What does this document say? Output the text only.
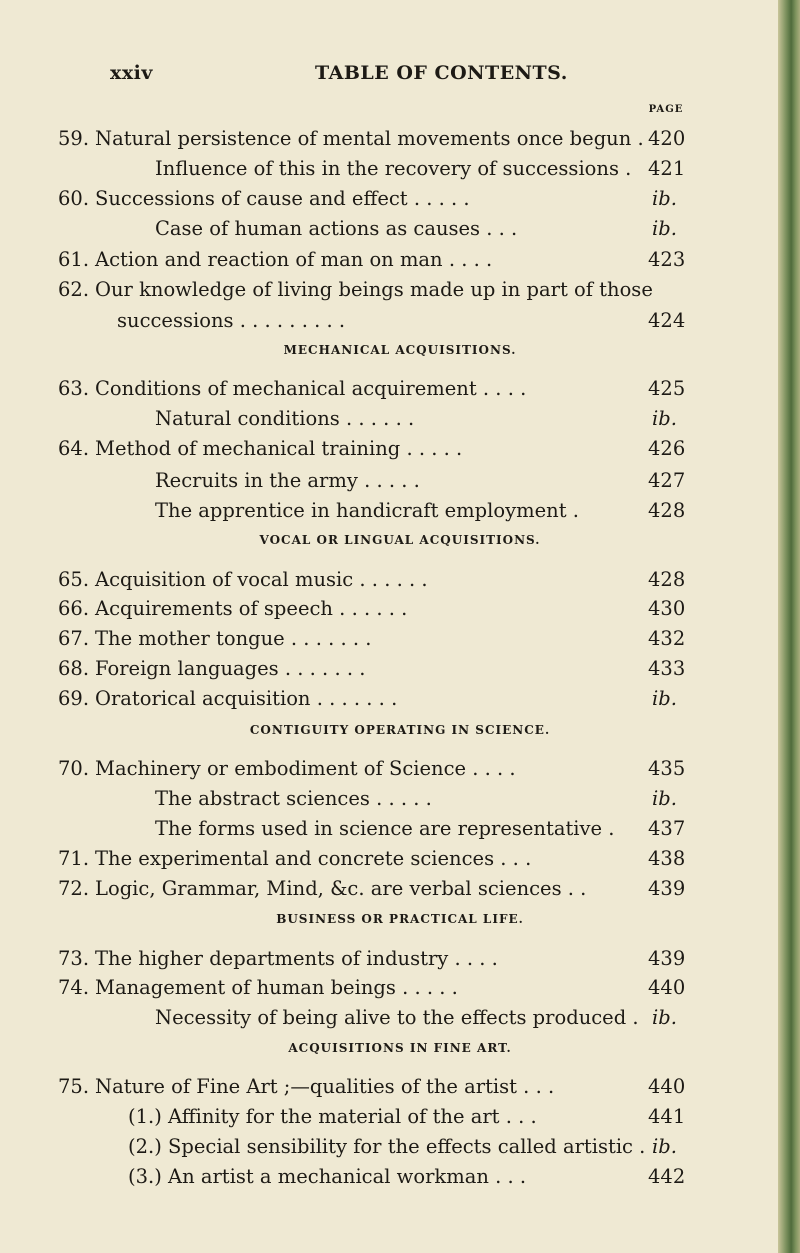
xxiv	TABLE OF CONTENTS.
PAGE
59. Natural persistence of mental movements once begun . 420
Influence of this in the recovery of successions . 421
60. Successions of cause and effect . . . . .	ib.
Case of human actions as causes . . .	ib.
61. Action and reaction of man on man . . . .	423
62. Our knowledge of living beings made up in part of those
successions . . . . . . . . .	424
MECHANICAL ACQUISITIONS.
63. Conditions of mechanical acquirement . . . .	425
Natural conditions . . . . . .	ib.
64. Method of mechanical training . . . . .	426
Recruits in the army . . . . .	427
The apprentice in handicraft employment .	428
VOCAL OR LINGUAL ACQUISITIONS.
65. Acquisition of vocal music . . . . . .	428
66. Acquirements of speech . . . . . .	430
67. The mother tongue . . . . . . .	432
68. Foreign languages . . . . . . .	433
69. Oratorical acquisition . . . . . . .	ib.
CONTIGUITY OPERATING IN SCIENCE.
70. Machinery or embodiment of Science . . . .	435
The abstract sciences . . . . .	ib.
The forms used in science are representative . 437
71. The experimental and concrete sciences . . .	438
72. Logic, Grammar, Mind, &c. are verbal sciences . .	439
BUSINESS OR PRACTICAL LIFE.
73. The higher departments of industry . . . .	439
74. Management of human beings . . . . .	440
Necessity of being alive to the effects produced . ib.
ACQUISITIONS IN FINE ART.
75. Nature of Fine Art ;—qualities of the artist . . .	440
(1.) Affinity for the material of the art . . .	441
(2.) Special sensibility for the effects called artistic . ib.
(3.) An artist a mechanical workman . . .	442
